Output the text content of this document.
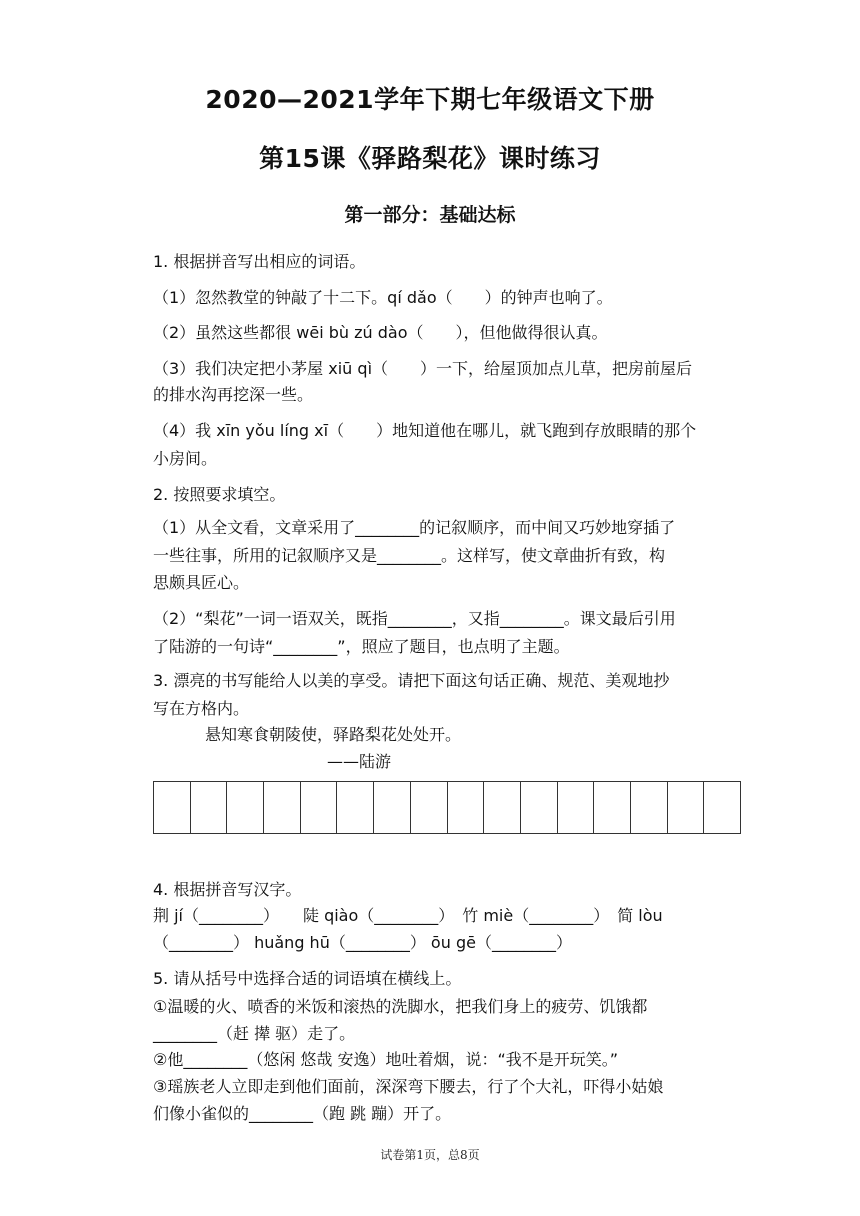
2020—2021学年下期七年级语文下册
第15课《驿路梨花》课时练习
第一部分：基础达标
1. 根据拼音写出相应的词语。
（1）忽然教堂的钟敲了十二下。qí dǎo（　　）的钟声也响了。
（2）虽然这些都很 wēi bù zú dào（　　），但他做得很认真。
（3）我们决定把小茅屋 xiū qì（　　）一下，给屋顶加点儿草，把房前屋后
的排水沟再挖深一些。
（4）我 xīn yǒu líng xī（　　）地知道他在哪儿，就飞跑到存放眼睛的那个
小房间。
2. 按照要求填空。
（1）从全文看，文章采用了________的记叙顺序，而中间又巧妙地穿插了
一些往事，所用的记叙顺序又是________。这样写，使文章曲折有致，构
思颇具匠心。
（2）“梨花”一词一语双关，既指________，又指________。课文最后引用
了陆游的一句诗“________”，照应了题目，也点明了主题。
3. 漂亮的书写能给人以美的享受。请把下面这句话正确、规范、美观地抄
写在方格内。
悬知寒食朝陵使，驿路梨花处处开。
——陆游
4. 根据拼音写汉字。
荆 jí（________）　　陡 qiào（________）　竹 miè（________）　简 lòu
（________） huǎng hū（________） ōu gē（________）
5. 请从括号中选择合适的词语填在横线上。
①温暖的火、喷香的米饭和滚热的洗脚水，把我们身上的疲劳、饥饿都
________（赶 撵 驱）走了。
②他________（悠闲 悠哉 安逸）地吐着烟，说：“我不是开玩笑。”
③瑶族老人立即走到他们面前，深深弯下腰去，行了个大礼，吓得小姑娘
们像小雀似的________（跑 跳 蹦）开了。
试卷第1页，总8页
